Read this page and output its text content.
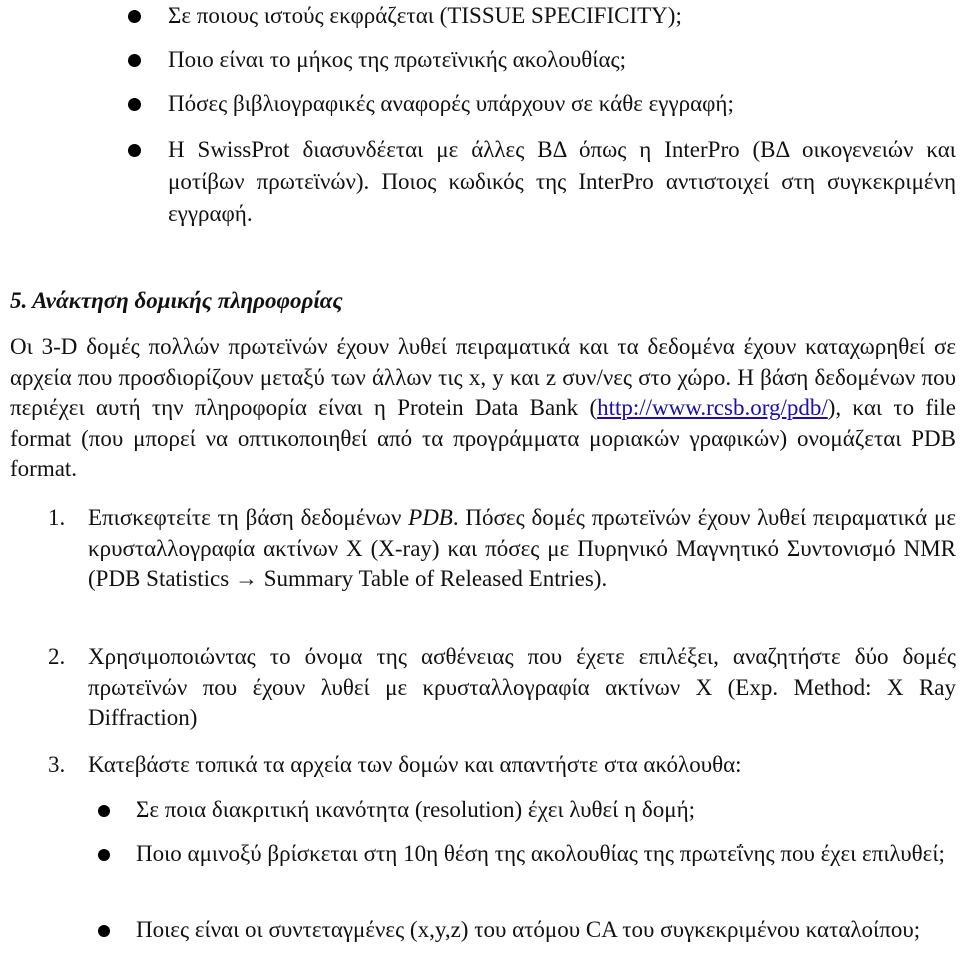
Σε ποιους ιστούς εκφράζεται (TISSUE SPECIFICITY);
Ποιο είναι το μήκος της πρωτεϊνικής ακολουθίας;
Πόσες βιβλιογραφικές αναφορές υπάρχουν σε κάθε εγγραφή;
Η SwissProt διασυνδέεται με άλλες ΒΔ όπως η InterPro (ΒΔ οικογενειών και μοτίβων πρωτεϊνών). Ποιος κωδικός της InterPro αντιστοιχεί στη συγκεκριμένη εγγραφή.
5. Ανάκτηση δομικής πληροφορίας
Οι 3-D δομές πολλών πρωτεϊνών έχουν λυθεί πειραματικά και τα δεδομένα έχουν καταχωρηθεί σε αρχεία που προσδιορίζουν μεταξύ των άλλων τις x, y και z συν/νες στο χώρο. Η βάση δεδομένων που περιέχει αυτή την πληροφορία είναι η Protein Data Bank (http://www.rcsb.org/pdb/), και το file format (που μπορεί να οπτικοποιηθεί από τα προγράμματα μοριακών γραφικών) ονομάζεται PDB format.
1. Επισκεφτείτε τη βάση δεδομένων PDB. Πόσες δομές πρωτεϊνών έχουν λυθεί πειραματικά με κρυσταλλογραφία ακτίνων X (X-ray) και πόσες με Πυρηνικό Μαγνητικό Συντονισμό NMR (PDB Statistics → Summary Table of Released Entries).
2. Χρησιμοποιώντας το όνομα της ασθένειας που έχετε επιλέξει, αναζητήστε δύο δομές πρωτεϊνών που έχουν λυθεί με κρυσταλλογραφία ακτίνων X (Exp. Method: X Ray Diffraction)
3. Κατεβάστε τοπικά τα αρχεία των δομών και απαντήστε στα ακόλουθα:
Σε ποια διακριτική ικανότητα (resolution) έχει λυθεί η δομή;
Ποιο αμινοξύ βρίσκεται στη 10η θέση της ακολουθίας της πρωτεΐνης που έχει επιλυθεί;
Ποιες είναι οι συντεταγμένες (x,y,z) του ατόμου CA του συγκεκριμένου καταλοίπου;
